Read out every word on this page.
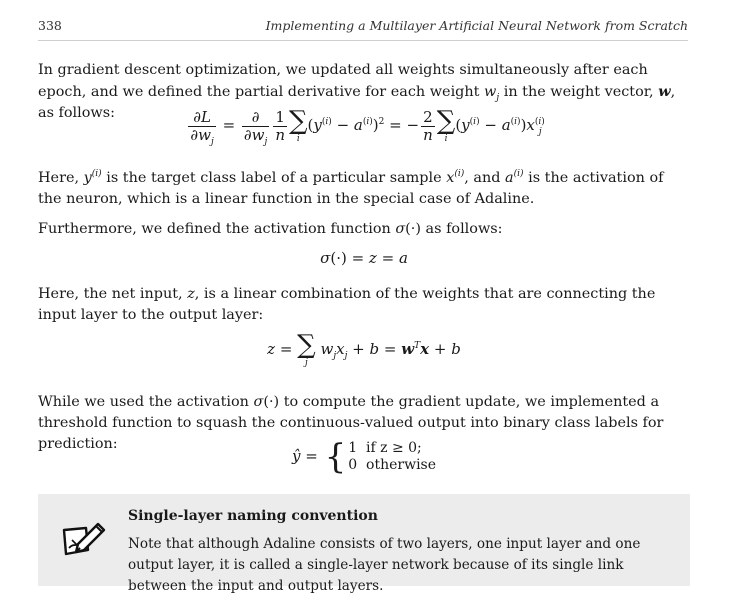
338	Implementing a Multilayer Artificial Neural Network from Scratch

In gradient descent optimization, we updated all weights simultaneously after each epoch, and we defined the partial derivative for each weight $w_j$ in the weight vector, w, as follows:	$\frac{\partial L}{\partial w_j} = \frac{\partial}{\partial w_j} \frac{1}{n}$ ∑
i
$(y^{(i)} - a^{(i)})^2$ = − $\frac{2}{n}$ ∑
i
$(y^{(i)} - a^{(i)})x^{(i)}_j$

Here, $y^{(i)}$ is the target class label of a particular sample $x^{(i)}$, and $a^{(i)}$ is the activation of the neuron, which is a linear function in the special case of Adaline.

Furthermore, we defined the activation function σ(·) as follows:

σ(·) = z = a

Here, the net input, z, is a linear combination of the weights that are connecting the input layer to the output layer:

z = ∑
j
$w_jx_j + b = w^Tx + b$

While we used the activation σ(·) to compute the gradient update, we implemented a threshold function to squash the continuous-valued output into binary class labels for prediction:

ŷ = { 1 if z ≥ 0;
0 otherwise
Single-layer naming convention
Note that although Adaline consists of two layers, one input layer and one output layer, it is called a single-layer network because of its single link between the input and output layers.
